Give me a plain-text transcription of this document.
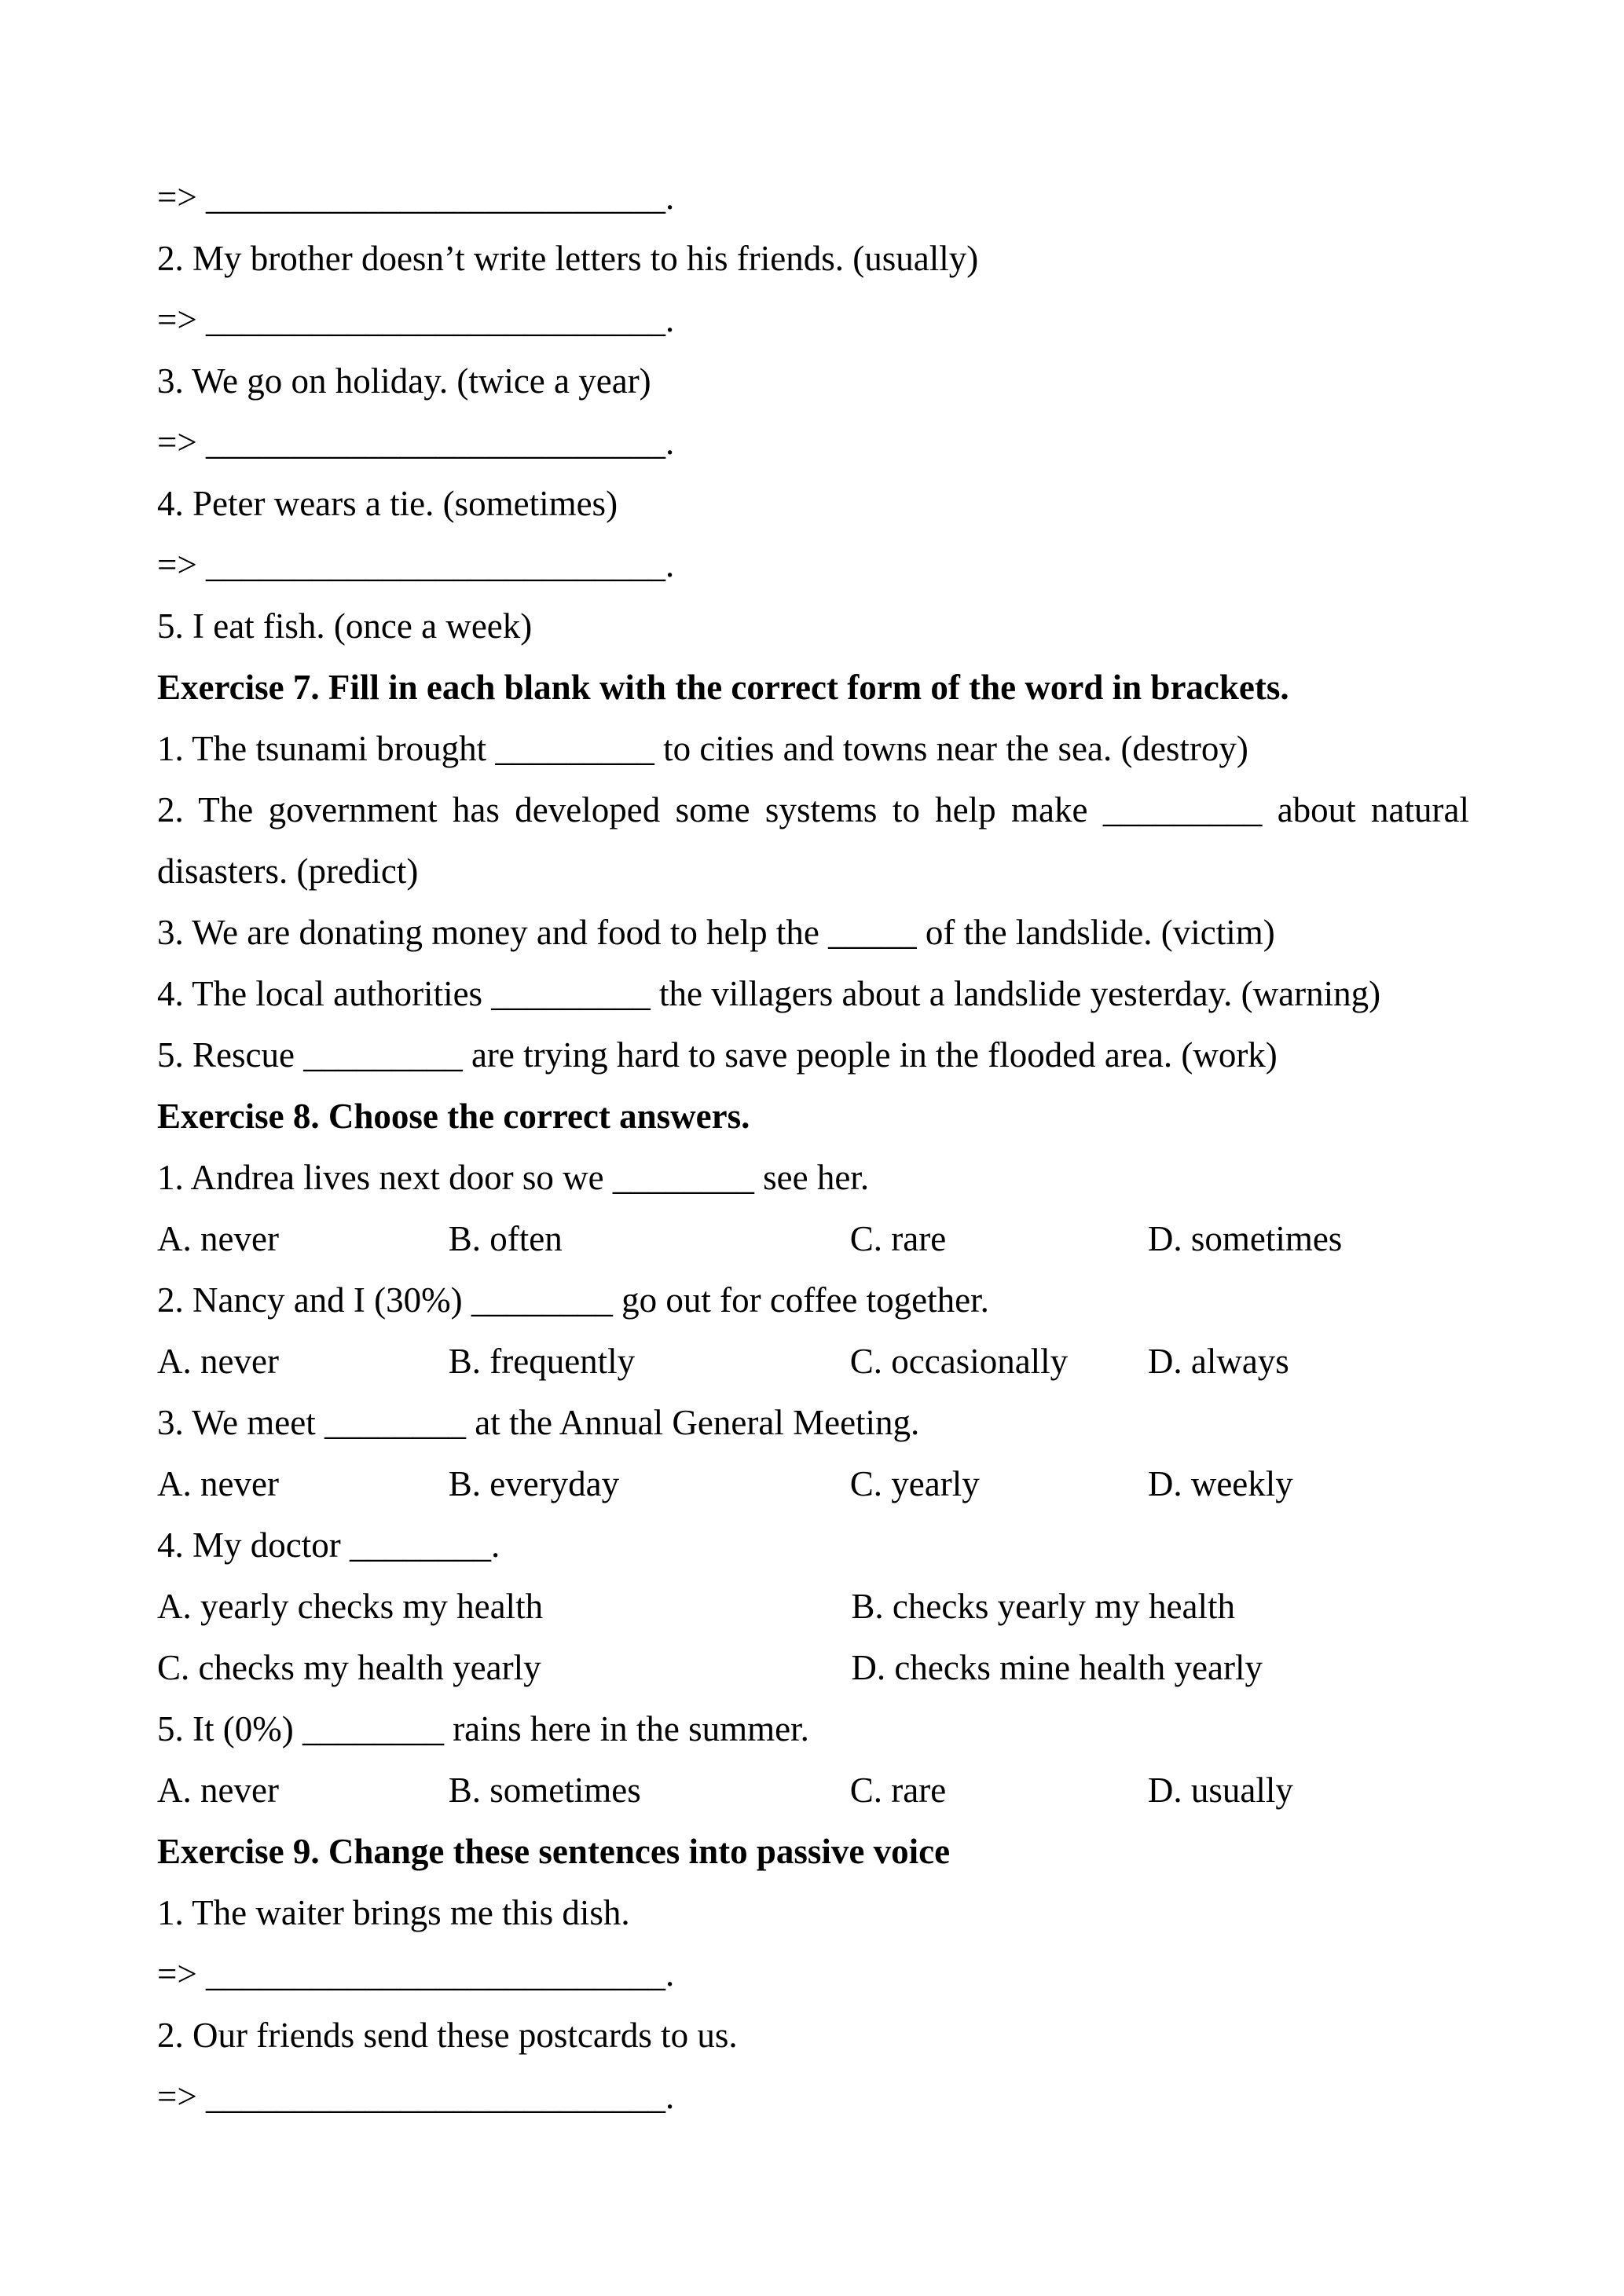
=> __________________________.
2. My brother doesn’t write letters to his friends. (usually)
=> __________________________.
3. We go on holiday. (twice a year)
=> __________________________.
4. Peter wears a tie. (sometimes)
=> __________________________.
5. I eat fish. (once a week)
Exercise 7. Fill in each blank with the correct form of the word in brackets.
1. The tsunami brought _________ to cities and towns near the sea. (destroy)
2. The government has developed some systems to help make _________ about natural
disasters. (predict)
3. We are donating money and food to help the _____ of the landslide. (victim)
4. The local authorities _________ the villagers about a landslide yesterday. (warning)
5. Rescue _________ are trying hard to save people in the flooded area. (work)
Exercise 8. Choose the correct answers.
1. Andrea lives next door so we ________ see her.
A. never	B. often	C. rare	D. sometimes
2. Nancy and I (30%) ________ go out for coffee together.
A. never	B. frequently	C. occasionally D. always
3. We meet ________ at the Annual General Meeting.
A. never	B. everyday	C. yearly	D. weekly
4. My doctor ________.
A. yearly checks my health	B. checks yearly my health
C. checks my health yearly	D. checks mine health yearly
5. It (0%) ________ rains here in the summer.
A. never	B. sometimes	C. rare	D. usually
Exercise 9. Change these sentences into passive voice
1. The waiter brings me this dish.
=> __________________________.
2. Our friends send these postcards to us.
=> __________________________.
